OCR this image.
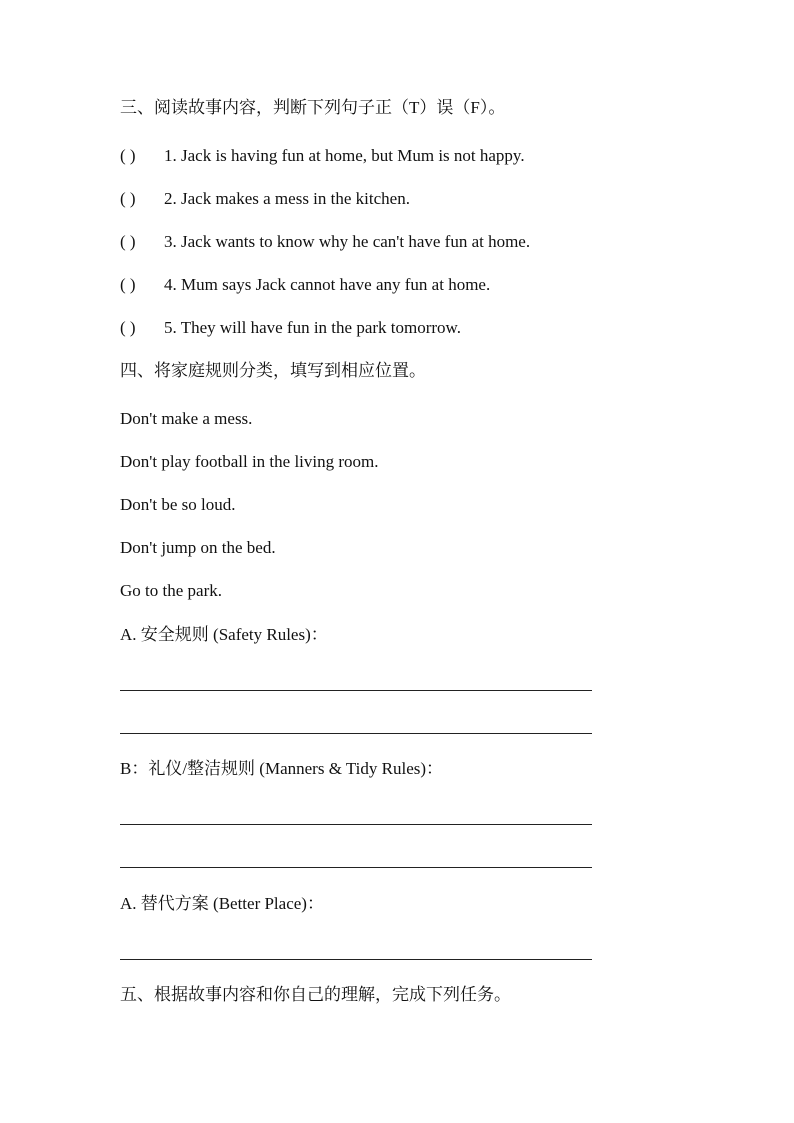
三、阅读故事内容，判断下列句子正（T）误（F）。
( ) 1. Jack is having fun at home, but Mum is not happy.
( ) 2. Jack makes a mess in the kitchen.
( ) 3. Jack wants to know why he can't have fun at home.
( ) 4. Mum says Jack cannot have any fun at home.
( ) 5. They will have fun in the park tomorrow.
四、将家庭规则分类，填写到相应位置。
Don't make a mess.
Don't play football in the living room.
Don't be so loud.
Don't jump on the bed.
Go to the park.
A. 安全规则 (Safety Rules)：
B：礼仪/整洁规则 (Manners & Tidy Rules)：
A. 替代方案 (Better Place)：
五、根据故事内容和你自己的理解，完成下列任务。
